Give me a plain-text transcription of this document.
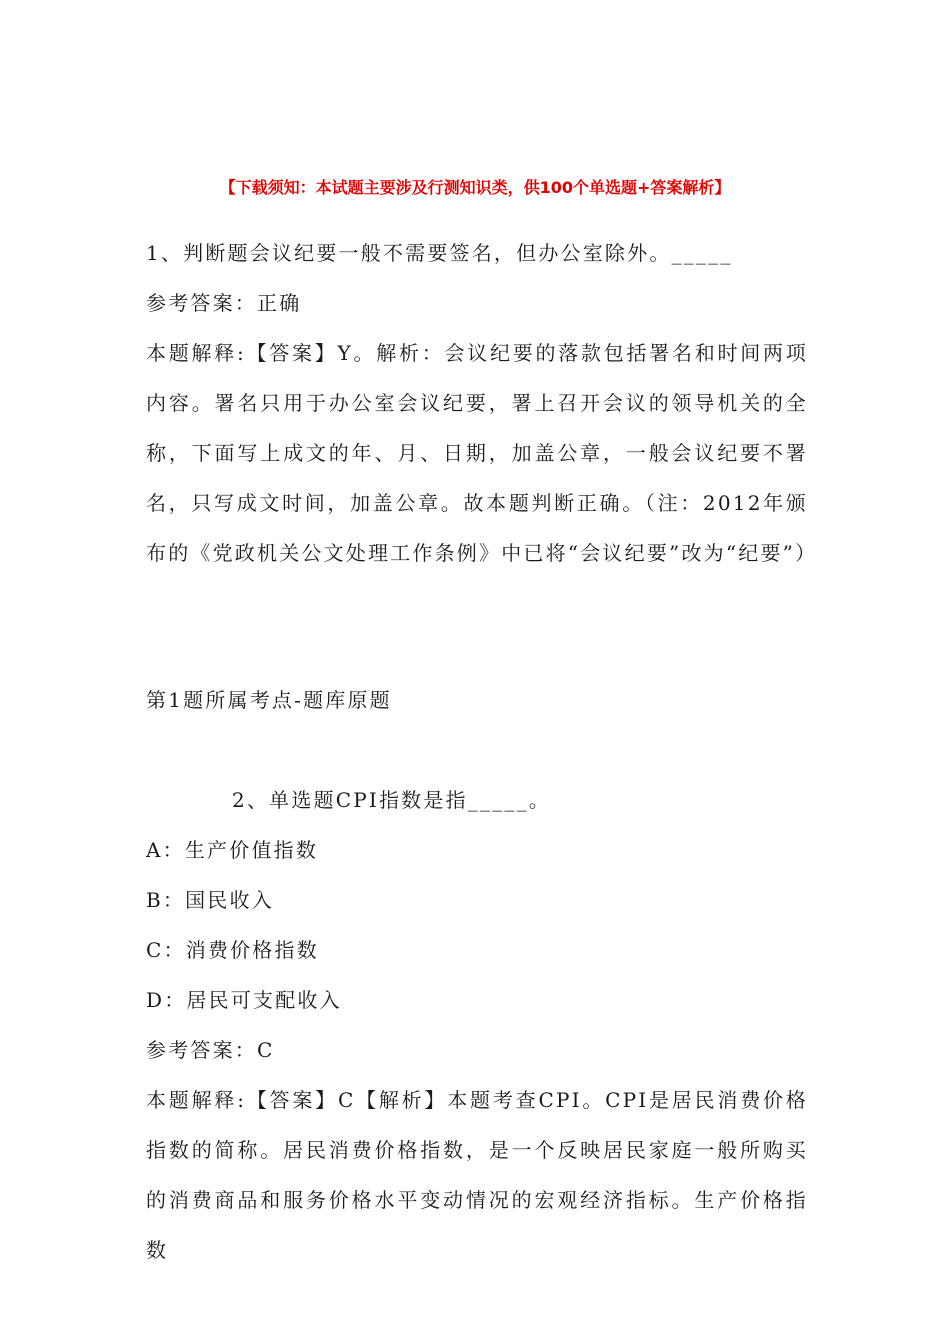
【下载须知：本试题主要涉及行测知识类，供100个单选题+答案解析】
1、判断题会议纪要一般不需要签名，但办公室除外。_____
参考答案：正确
本题解释:【答案】Y。解析：会议纪要的落款包括署名和时间两项内容。署名只用于办公室会议纪要，署上召开会议的领导机关的全称，下面写上成文的年、月、日期，加盖公章，一般会议纪要不署名，只写成文时间，加盖公章。故本题判断正确。（注：2012年颁布的《党政机关公文处理工作条例》中已将“会议纪要”改为“纪要”）
第1题所属考点-题库原题
2、单选题CPI指数是指_____。
A：生产价值指数
B：国民收入
C：消费价格指数
D：居民可支配收入
参考答案：C
本题解释:【答案】C【解析】本题考查CPI。CPI是居民消费价格指数的简称。居民消费价格指数，是一个反映居民家庭一般所购买的消费商品和服务价格水平变动情况的宏观经济指标。生产价格指数
